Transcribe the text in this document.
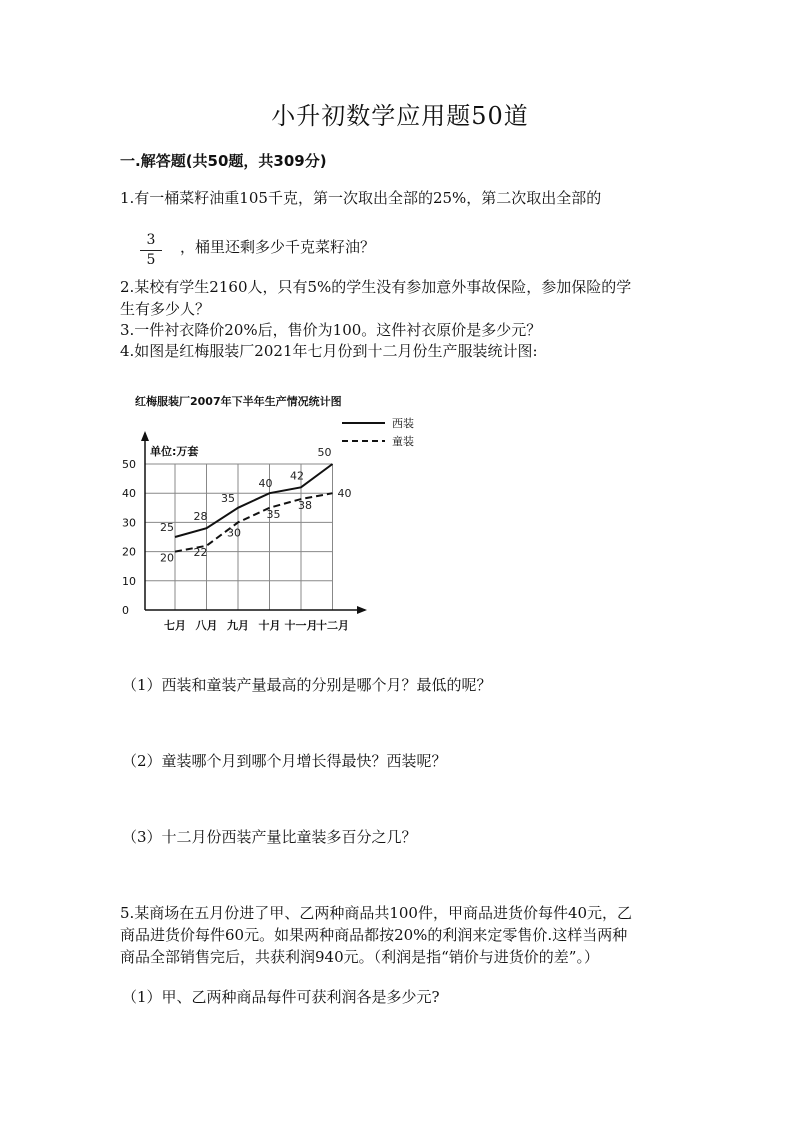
小升初数学应用题50道
一.解答题(共50题，共309分)
1.有一桶菜籽油重105千克，第一次取出全部的25%，第二次取出全部的
3
5
，桶里还剩多少千克菜籽油？
2.某校有学生2160人，只有5%的学生没有参加意外事故保险，参加保险的学
生有多少人？
3.一件衬衣降价20%后，售价为100。这件衬衣原价是多少元？
4.如图是红梅服装厂2021年七月份到十二月份生产服装统计图:
红梅服装厂2007年下半年生产情况统计图
单位:万套
0
10
20
30
40
50
七月 八月 九月 十月 十一月
十二月
西装
童装
25
28
35
40
42
50
20 22
30
35
38
40
（1）西装和童装产量最高的分别是哪个月？最低的呢？
（2）童装哪个月到哪个月增长得最快？西装呢？
（3）十二月份西装产量比童装多百分之几？
5.某商场在五月份进了甲、乙两种商品共100件，甲商品进货价每件40元，乙
商品进货价每件60元。如果两种商品都按20%的利润来定零售价.这样当两种
商品全部销售完后，共获利润940元。（利润是指“销价与进货价的差”。）
（1）甲、乙两种商品每件可获利润各是多少元?
